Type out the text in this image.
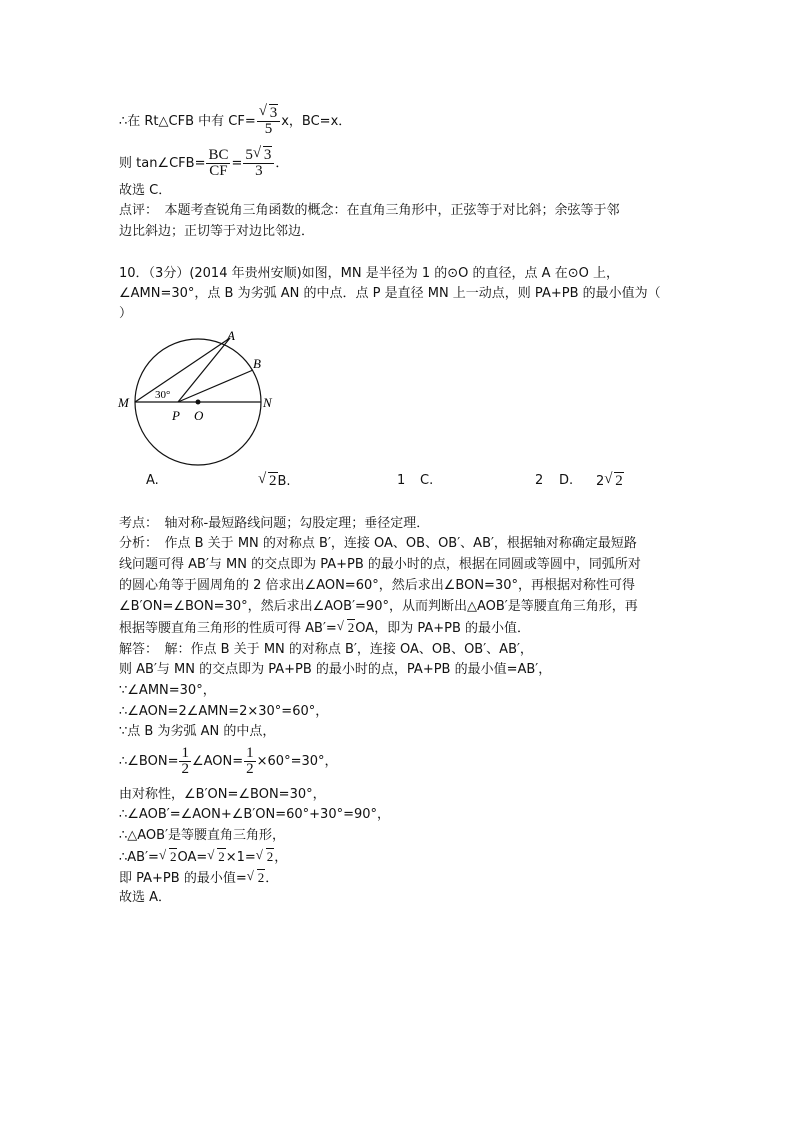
∴在 Rt△CFB 中有 CF= √ $\frac{3}{5}$ x，BC=x．
则 tan∠CFB= $\frac{BC}{CF} = \frac{5 √ 3}{3}$ ．
故选 C．
点评：　本题考查锐角三角函数的概念：在直角三角形中，正弦等于对比斜；余弦等于邻
边比斜边；正切等于对边比邻边．
10．（3分）(2014 年贵州安顺)如图，MN 是半径为 1 的⊙O 的直径，点 A 在⊙O 上，
∠AMN=30°，点 B 为劣弧 AN 的中点．点 P 是直径 MN 上一动点，则 PA+PB 的最小值为（
）
A
B
M	N
P O
30°
A.	√ 2B.	1 C.	2 D. 2 √ 2
考点：　轴对称-最短路线问题；勾股定理；垂径定理．
分析：　作点 B 关于 MN 的对称点 B′，连接 OA、OB、OB′、AB′，根据轴对称确定最短路
线问题可得 AB′与 MN 的交点即为 PA+PB 的最小时的点，根据在同圆或等圆中，同弧所对
的圆心角等于圆周角的 2 倍求出∠AON=60°，然后求出∠BON=30°，再根据对称性可得
∠B′ON=∠BON=30°，然后求出∠AOB′=90°，从而判断出△AOB′是等腰直角三角形，再
根据等腰直角三角形的性质可得 AB′= √ 2OA，即为 PA+PB 的最小值．
解答：　解：作点 B 关于 MN 的对称点 B′，连接 OA、OB、OB′、AB′，
则 AB′与 MN 的交点即为 PA+PB 的最小时的点，PA+PB 的最小值=AB′，
∵∠AMN=30°，
∴∠AON=2∠AMN=2×30°=60°，
∵点 B 为劣弧 AN 的中点，
∴∠BON= $\frac{1}{2}$ ∠AON= $\frac{1}{2} \times 60^\circ=30^\circ$，
由对称性，∠B′ON=∠BON=30°，
∴∠AOB′=∠AON+∠B′ON=60°+30°=90°，
∴△AOB′是等腰直角三角形，
∴AB′= √ 2OA= √ 2×1= √ 2，
即 PA+PB 的最小值= √ 2．
故选 A．
